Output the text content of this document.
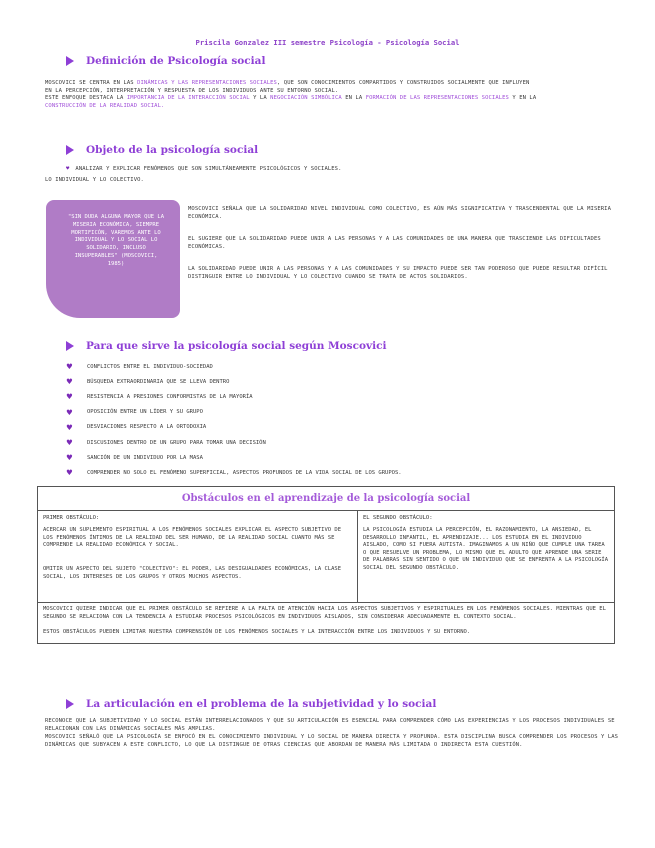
Priscila Gonzalez III semestre Psicología - Psicología Social
Definición de Psicología social
MOSCOVICI SE CENTRA EN LAS DINÁMICAS Y LAS REPRESENTACIONES SOCIALES, QUE SON CONOCIMIENTOS COMPARTIDOS Y CONSTRUIDOS SOCIALMENTE QUE INFLUYEN
EN LA PERCEPCIÓN, INTERPRETACIÓN Y RESPUESTA DE LOS INDIVIDUOS ANTE SU ENTORNO SOCIAL.
ESTE ENFOQUE DESTACA LA IMPORTANCIA DE LA INTERACCIÓN SOCIAL Y LA NEGOCIACIÓN SIMBÓLICA EN LA FORMACIÓN DE LAS REPRESENTACIONES SOCIALES Y EN LA
CONSTRUCCIÓN DE LA REALIDAD SOCIAL.
Objeto de la psicología social
♥ ANALIZAR Y EXPLICAR FENÓMENOS QUE SON SIMULTÁNEAMENTE PSICOLÓGICOS Y SOCIALES.
LO INDIVIDUAL Y LO COLECTIVO.
"SIN DUDA ALGUNA MAYOR QUE LA MISERIA ECONÓMICA, SIEMPRE MORTIFICÓN, VAREMOS ANTE LO INDIVIDUAL Y LO SOCIAL LO SOLIDARIO, INCLUSO INSUPERABLES" (MOSCOVICI, 1985)
MOSCOVICI SEÑALA QUE LA SOLIDARIDAD NIVEL INDIVIDUAL COMO COLECTIVO, ES AÚN MÁS SIGNIFICATIVA Y TRASCENDENTAL QUE LA MISERIA ECONÓMICA.
EL SUGIERE QUE LA SOLIDARIDAD PUEDE UNIR A LAS PERSONAS Y A LAS COMUNIDADES DE UNA MANERA QUE TRASCIENDE LAS DIFICULTADES ECONÓMICAS.
LA SOLIDARIDAD PUEDE UNIR A LAS PERSONAS Y A LAS COMUNIDADES Y SU IMPACTO PUEDE SER TAN PODEROSO QUE PUEDE RESULTAR DIFÍCIL DISTINGUIR ENTRE LO INDIVIDUAL Y LO COLECTIVO CUANDO SE TRATA DE ACTOS SOLIDARIOS.
Para que sirve la psicología social según Moscovici
♥	CONFLICTOS ENTRE EL INDIVIDUO-SOCIEDAD
♥	BÚSQUEDA EXTRAORDINARIA QUE SE LLEVA DENTRO
♥	RESISTENCIA A PRESIONES CONFORMISTAS DE LA MAYORÍA
♥	OPOSICIÓN ENTRE UN LÍDER Y SU GRUPO
♥	DESVIACIONES RESPECTO A LA ORTODOXIA
♥	DISCUSIONES DENTRO DE UN GRUPO PARA TOMAR UNA DECISIÓN
♥	SANCIÓN DE UN INDIVIDUO POR LA MASA
♥	COMPRENDER NO SOLO EL FENÓMENO SUPERFICIAL, ASPECTOS PROFUNDOS DE LA VIDA SOCIAL DE LOS GRUPOS.
Obstáculos en el aprendizaje de la psicología social
PRIMER OBSTÁCULO:
ACERCAR UN SUPLEMENTO ESPIRITUAL A LOS FENÓMENOS SOCIALES EXPLICAR EL ASPECTO SUBJETIVO DE LOS FENÓMENOS ÍNTIMOS DE LA REALIDAD DEL SER HUMANO, DE LA REALIDAD SOCIAL CUANTO MÁS SE COMPRENDE LA REALIDAD ECONÓMICA Y SOCIAL.
OMITIR UN ASPECTO DEL SUJETO "COLECTIVO": EL PODER, LAS DESIGUALDADES ECONÓMICAS, LA CLASE SOCIAL, LOS INTERESES DE LOS GRUPOS Y OTROS MUCHOS ASPECTOS.
EL SEGUNDO OBSTÁCULO:
LA PSICOLOGÍA ESTUDIA LA PERCEPCIÓN, EL RAZONAMIENTO, LA ANSIEDAD, EL DESARROLLO INFANTIL, EL APRENDIZAJE... LOS ESTUDIA EN EL INDIVIDUO AISLADO, COMO SI FUERA AUTISTA. IMAGINAMOS A UN NIÑO QUE CUMPLE UNA TAREA O QUE RESUELVE UN PROBLEMA, LO MISMO QUE EL ADULTO QUE APRENDE UNA SERIE DE PALABRAS SIN SENTIDO O QUE UN INDIVIDUO QUE SE ENFRENTA A LA PSICOLOGÍA SOCIAL DEL SEGUNDO OBSTÁCULO.
MOSCOVICI QUIERE INDICAR QUE EL PRIMER OBSTÁCULO SE REFIERE A LA FALTA DE ATENCIÓN HACIA LOS ASPECTOS SUBJETIVOS Y ESPIRITUALES EN LOS FENÓMENOS SOCIALES. MIENTRAS QUE EL SEGUNDO SE RELACIONA CON LA TENDENCIA A ESTUDIAR PROCESOS PSICOLÓGICOS EN INDIVIDUOS AISLADOS, SIN CONSIDERAR ADECUADAMENTE EL CONTEXTO SOCIAL.
ESTOS OBSTÁCULOS PUEDEN LIMITAR NUESTRA COMPRENSIÓN DE LOS FENÓMENOS SOCIALES Y LA INTERACCIÓN ENTRE LOS INDIVIDUOS Y SU ENTORNO.
La articulación en el problema de la subjetividad y lo social
RECONOCE QUE LA SUBJETIVIDAD Y LO SOCIAL ESTÁN INTERRELACIONADOS Y QUE SU ARTICULACIÓN ES ESENCIAL PARA COMPRENDER CÓMO LAS EXPERIENCIAS Y LOS PROCESOS INDIVIDUALES SE RELACIONAN CON LAS DINÁMICAS SOCIALES MÁS AMPLIAS.
MOSCOVICI SEÑALÓ QUE LA PSICOLOGÍA SE ENFOCÓ EN EL CONOCIMIENTO INDIVIDUAL Y LO SOCIAL DE MANERA DIRECTA Y PROFUNDA. ESTA DISCIPLINA BUSCA COMPRENDER LOS PROCESOS Y LAS DINÁMICAS QUE SUBYACEN A ESTE CONFLICTO, LO QUE LA DISTINGUE DE OTRAS CIENCIAS QUE ABORDAN DE MANERA MÁS LIMITADA O INDIRECTA ESTA CUESTIÓN.
